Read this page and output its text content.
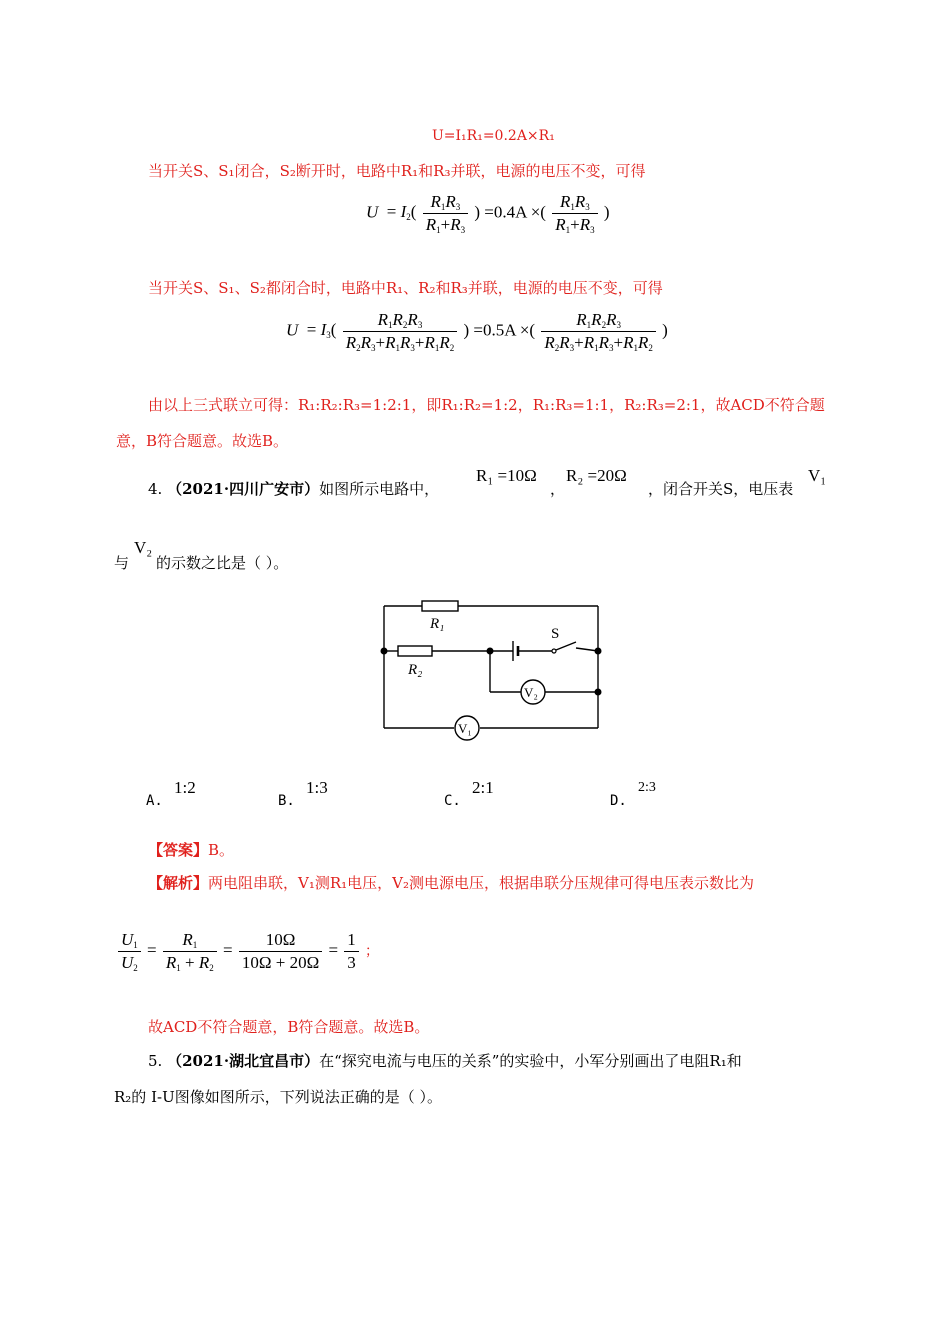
U=I₁R₁=0.2A×R₁
当开关S、S₁闭合，S₂断开时，电路中R₁和R₃并联，电源的电压不变，可得
$U = I_2( \frac{R_1R_3}{R_1+R_3}$ ) =0.4A ×( $\frac{R_1R_3}{R_1+R_3}$ )
当开关S、S₁、S₂都闭合时，电路中R₁、R₂和R₃并联，电源的电压不变，可得
$U = I_3( \frac{R_1R_2R_3}{R_2R_3+R_1R_3+R_1R_2}$ ) =0.5A ×( $\frac{R_1R_2R_3}{R_2R_3+R_1R_3+R_1R_2}$ )
由以上三式联立可得：R₁:R₂:R₃=1:2:1，即R₁:R₂=1:2，R₁:R₃=1:1，R₂:R₃=2:1，故ACD不符合题
意，B符合题意。故选B。
4. （2021·四川广安市）如图所示电路中，
R₁ =10Ω
，
R₂ =20Ω
，闭合开关S，电压表
V₁
与
V₂
的示数之比是（ ）。
R₁
R₂
S
V₂
V₁
A.
1:2
B.
1:3
C.
2:1
D.
2:3
【答案】B。
【解析】两电阻串联，V₁测R₁电压，V₂测电源电压，根据串联分压规律可得电压表示数比为
$\frac{U_1}{U_2} = \frac{R_1}{R_1 + R_2} = \frac{10\Omega}{10\Omega + 20\Omega} = \frac{1}{3}$ ；
故ACD不符合题意，B符合题意。故选B。
5. （2021·湖北宜昌市）在“探究电流与电压的关系”的实验中，小军分别画出了电阻R₁和
R₂的 I-U图像如图所示，下列说法正确的是（ ）。
